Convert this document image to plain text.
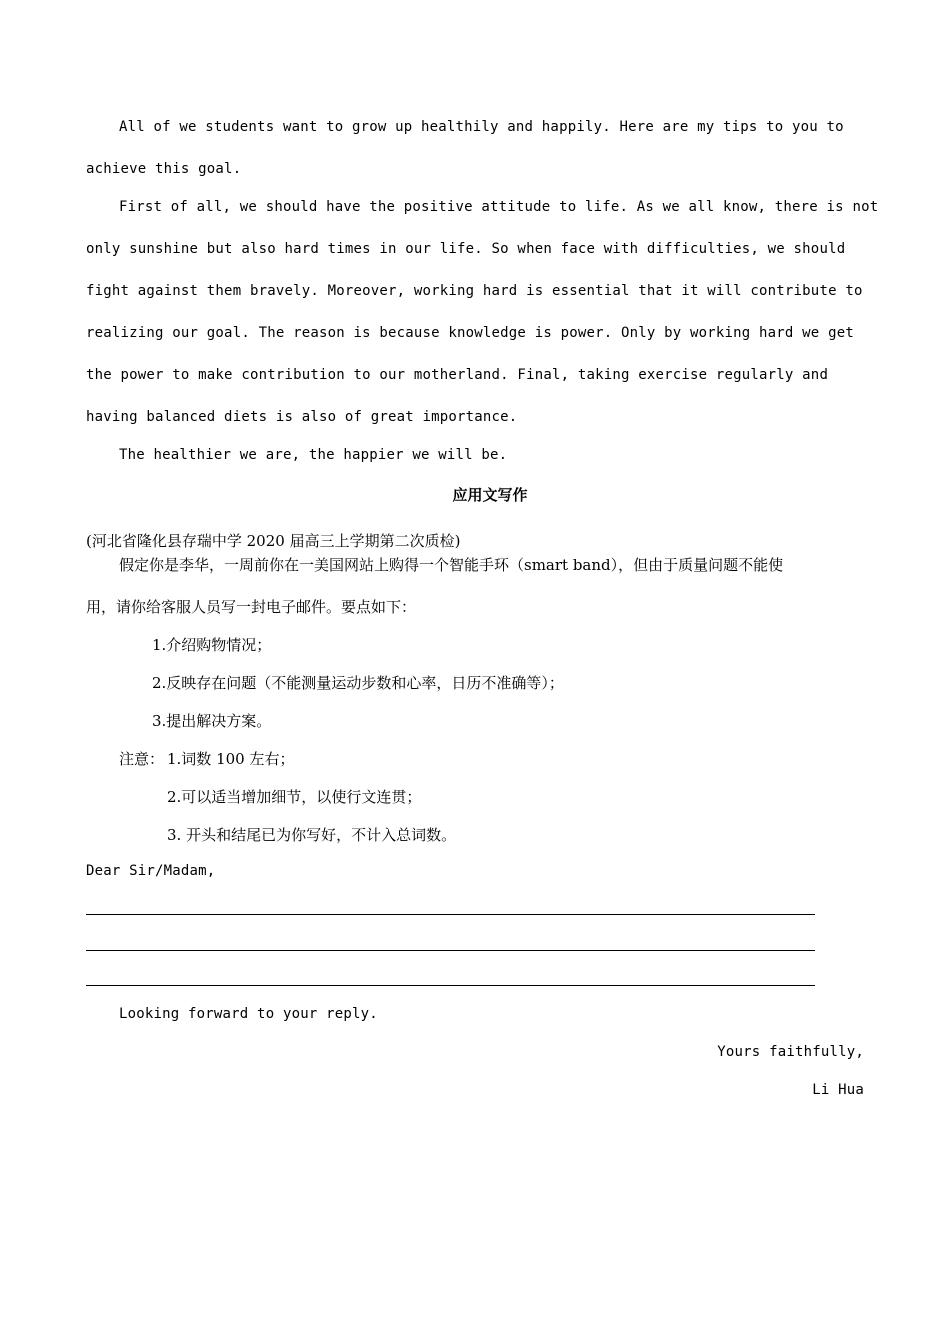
All of we students want to grow up healthily and happily. Here are my tips to you to
achieve this goal.
First of all, we should have the positive attitude to life. As we all know, there is not
only sunshine but also hard times in our life. So when face with difficulties, we should
fight against them bravely. Moreover, working hard is essential that it will contribute to
realizing our goal. The reason is because knowledge is power. Only by working hard we get
the power to make contribution to our motherland. Final, taking exercise regularly and
having balanced diets is also of great importance.
The healthier we are, the happier we will be.
应用文写作
(河北省隆化县存瑞中学 2020 届高三上学期第二次质检)
假定你是李华，一周前你在一美国网站上购得一个智能手环（smart band），但由于质量问题不能使
用，请你给客服人员写一封电子邮件。要点如下：
1.介绍购物情况；
2.反映存在问题（不能测量运动步数和心率，日历不准确等）；
3.提出解决方案。
注意： 1.词数 100 左右；
2.可以适当增加细节，以使行文连贯；
3. 开头和结尾已为你写好，不计入总词数。
Dear Sir/Madam,
Looking forward to your reply.
Yours faithfully,
Li Hua
